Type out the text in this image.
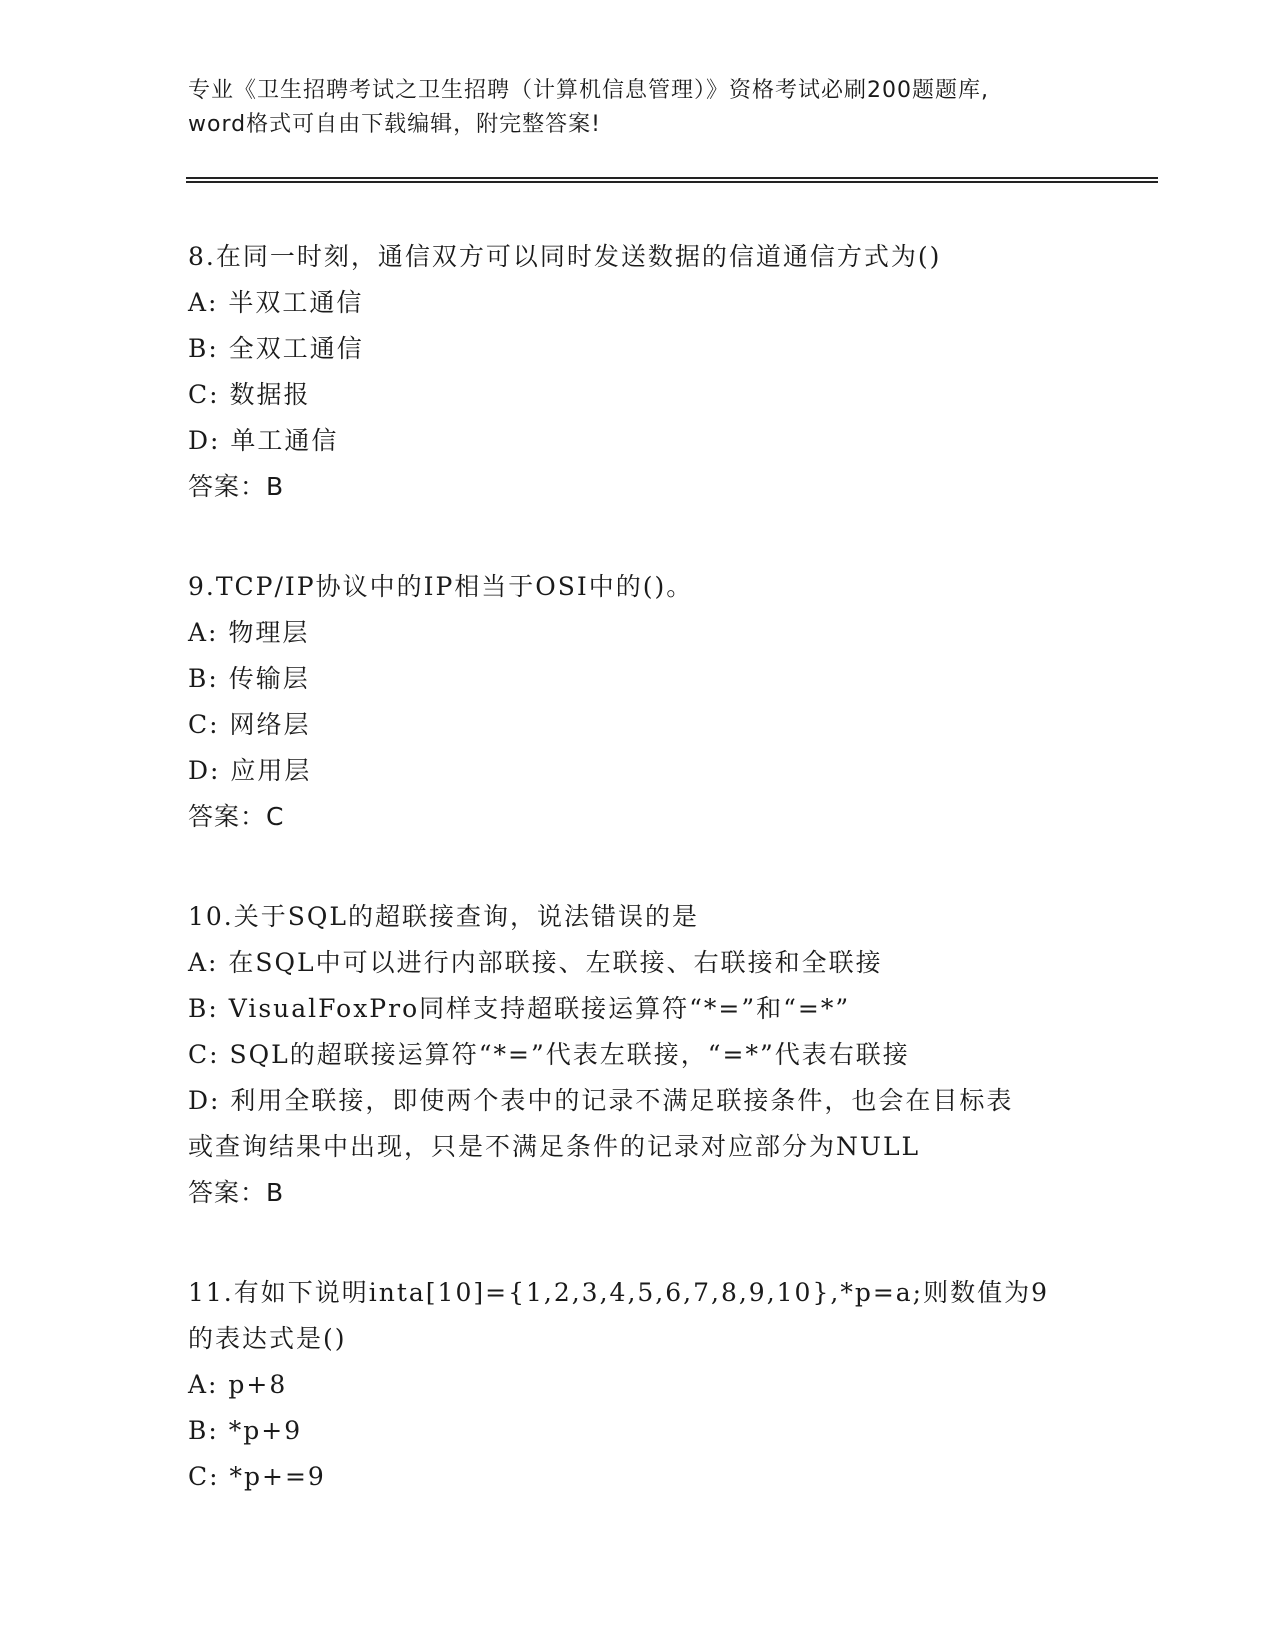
专业《卫生招聘考试之卫生招聘（计算机信息管理）》资格考试必刷200题题库,
word格式可自由下载编辑，附完整答案!
8.在同一时刻，通信双方可以同时发送数据的信道通信方式为()
A: 半双工通信
B: 全双工通信
C: 数据报
D: 单工通信
答案：B
9.TCP/IP协议中的IP相当于OSI中的()。
A: 物理层
B: 传输层
C: 网络层
D: 应用层
答案：C
10.关于SQL的超联接查询，说法错误的是
A: 在SQL中可以进行内部联接、左联接、右联接和全联接
B: VisualFoxPro同样支持超联接运算符“*=”和“=*”
C: SQL的超联接运算符“*=”代表左联接，“=*”代表右联接
D: 利用全联接，即使两个表中的记录不满足联接条件，也会在目标表
或查询结果中出现，只是不满足条件的记录对应部分为NULL
答案：B
11.有如下说明inta[10]={1,2,3,4,5,6,7,8,9,10},*p=a;则数值为9
的表达式是()
A: p+8
B: *p+9
C: *p+=9
